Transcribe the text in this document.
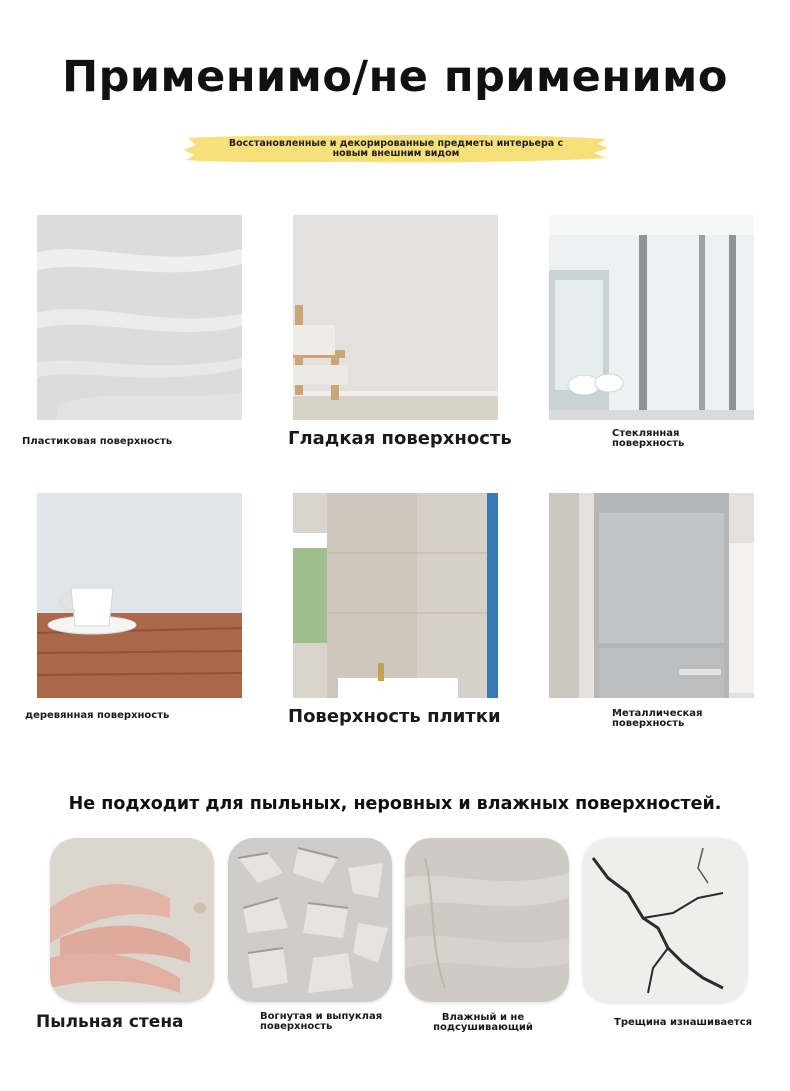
Применимо/не применимо
Восстановленные и декорированные предметы интерьера с
новым внешним видом
Пластиковая поверхность	Гладкая поверхность	Стеклянная
поверхность
деревянная поверхность	Поверхность плитки	Металлическая
поверхность
Не подходит для пыльных, неровных и влажных поверхностей.
Пыльная стена	Вогнутая и выпуклая
поверхность
Влажный и не
подсушивающий	Трещина изнашивается
